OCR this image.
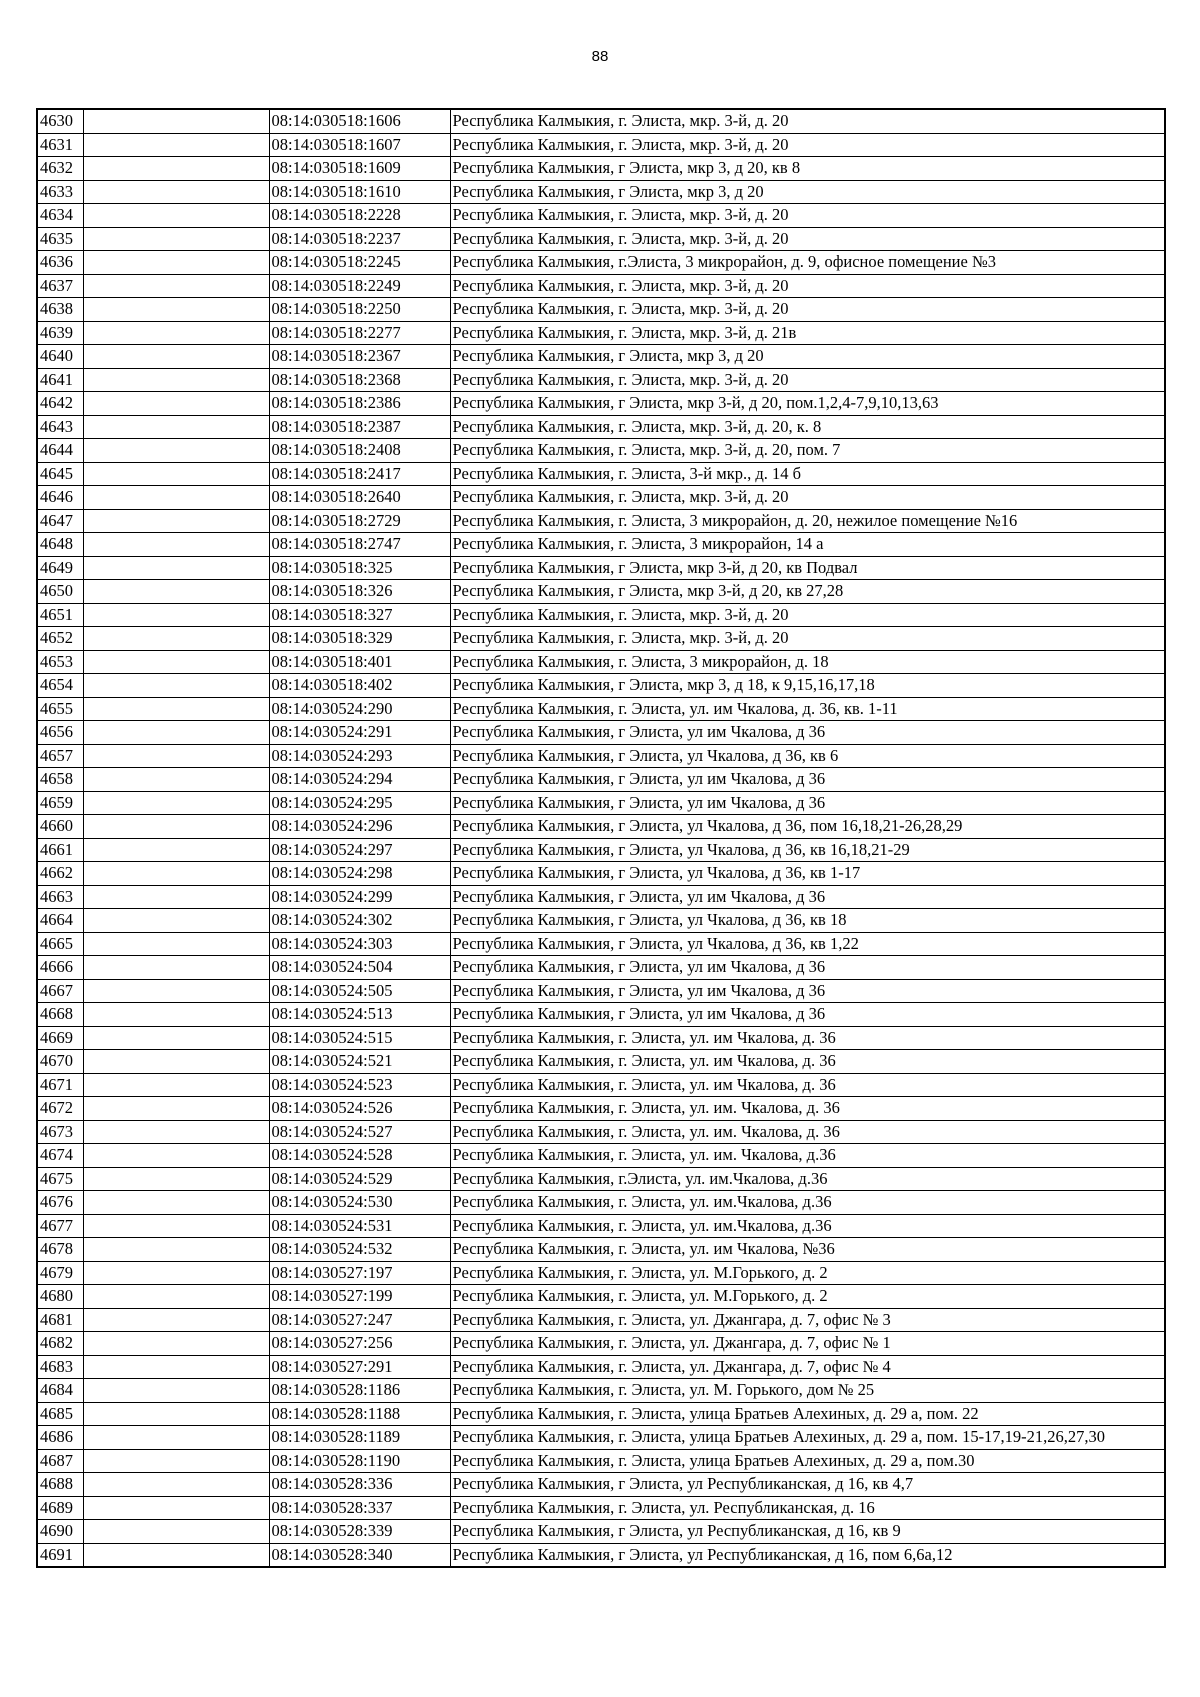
88
4630		08:14:030518:1606	Республика Калмыкия, г. Элиста, мкр. 3-й, д. 20
4631		08:14:030518:1607	Республика Калмыкия, г. Элиста, мкр. 3-й, д. 20
4632		08:14:030518:1609	Республика Калмыкия, г Элиста, мкр 3, д 20, кв 8
4633		08:14:030518:1610	Республика Калмыкия, г Элиста, мкр 3, д 20
4634		08:14:030518:2228	Республика Калмыкия, г. Элиста, мкр. 3-й, д. 20
4635		08:14:030518:2237	Республика Калмыкия, г. Элиста, мкр. 3-й, д. 20
4636		08:14:030518:2245	Республика Калмыкия, г.Элиста, 3 микрорайон, д. 9, офисное помещение №3
4637		08:14:030518:2249	Республика Калмыкия, г. Элиста, мкр. 3-й, д. 20
4638		08:14:030518:2250	Республика Калмыкия, г. Элиста, мкр. 3-й, д. 20
4639		08:14:030518:2277	Республика Калмыкия, г. Элиста, мкр. 3-й, д. 21в
4640		08:14:030518:2367	Республика Калмыкия, г Элиста, мкр 3, д 20
4641		08:14:030518:2368	Республика Калмыкия, г. Элиста, мкр. 3-й, д. 20
4642		08:14:030518:2386	Республика Калмыкия, г Элиста, мкр 3-й, д 20, пом.1,2,4-7,9,10,13,63
4643		08:14:030518:2387	Республика Калмыкия, г. Элиста, мкр. 3-й, д. 20, к. 8
4644		08:14:030518:2408	Республика Калмыкия, г. Элиста, мкр. 3-й, д. 20, пом. 7
4645		08:14:030518:2417	Республика Калмыкия, г. Элиста, 3-й мкр., д. 14 б
4646		08:14:030518:2640	Республика Калмыкия, г. Элиста, мкр. 3-й, д. 20
4647		08:14:030518:2729	Республика Калмыкия, г. Элиста, 3 микрорайон, д. 20, нежилое помещение №16
4648		08:14:030518:2747	Республика Калмыкия, г. Элиста, 3 микрорайон, 14 а
4649		08:14:030518:325	Республика Калмыкия, г Элиста, мкр 3-й, д 20, кв Подвал
4650		08:14:030518:326	Республика Калмыкия, г Элиста, мкр 3-й, д 20, кв 27,28
4651		08:14:030518:327	Республика Калмыкия, г. Элиста, мкр. 3-й, д. 20
4652		08:14:030518:329	Республика Калмыкия, г. Элиста, мкр. 3-й, д. 20
4653		08:14:030518:401	Республика Калмыкия, г. Элиста, 3 микрорайон, д. 18
4654		08:14:030518:402	Республика Калмыкия, г Элиста, мкр 3, д 18, к 9,15,16,17,18
4655		08:14:030524:290	Республика Калмыкия, г. Элиста, ул. им Чкалова, д. 36, кв. 1-11
4656		08:14:030524:291	Республика Калмыкия, г Элиста, ул им Чкалова, д 36
4657		08:14:030524:293	Республика Калмыкия, г Элиста, ул Чкалова, д 36, кв 6
4658		08:14:030524:294	Республика Калмыкия, г Элиста, ул им Чкалова, д 36
4659		08:14:030524:295	Республика Калмыкия, г Элиста, ул им Чкалова, д 36
4660		08:14:030524:296	Республика Калмыкия, г Элиста, ул Чкалова, д 36, пом 16,18,21-26,28,29
4661		08:14:030524:297	Республика Калмыкия, г Элиста, ул Чкалова, д 36, кв 16,18,21-29
4662		08:14:030524:298	Республика Калмыкия, г Элиста, ул Чкалова, д 36, кв 1-17
4663		08:14:030524:299	Республика Калмыкия, г Элиста, ул им Чкалова, д 36
4664		08:14:030524:302	Республика Калмыкия, г Элиста, ул Чкалова, д 36, кв 18
4665		08:14:030524:303	Республика Калмыкия, г Элиста, ул Чкалова, д 36, кв 1,22
4666		08:14:030524:504	Республика Калмыкия, г Элиста, ул им Чкалова, д 36
4667		08:14:030524:505	Республика Калмыкия, г Элиста, ул им Чкалова, д 36
4668		08:14:030524:513	Республика Калмыкия, г Элиста, ул им Чкалова, д 36
4669		08:14:030524:515	Республика Калмыкия, г. Элиста, ул. им Чкалова, д. 36
4670		08:14:030524:521	Республика Калмыкия, г. Элиста, ул. им Чкалова, д. 36
4671		08:14:030524:523	Республика Калмыкия, г. Элиста, ул. им Чкалова, д. 36
4672		08:14:030524:526	Республика Калмыкия, г. Элиста, ул. им. Чкалова, д. 36
4673		08:14:030524:527	Республика Калмыкия, г. Элиста, ул. им. Чкалова, д. 36
4674		08:14:030524:528	Республика Калмыкия, г. Элиста, ул. им. Чкалова, д.36
4675		08:14:030524:529	Республика Калмыкия, г.Элиста, ул. им.Чкалова, д.36
4676		08:14:030524:530	Республика Калмыкия, г. Элиста, ул. им.Чкалова, д.36
4677		08:14:030524:531	Республика Калмыкия, г. Элиста, ул. им.Чкалова, д.36
4678		08:14:030524:532	Республика Калмыкия, г. Элиста, ул. им Чкалова, №36
4679		08:14:030527:197	Республика Калмыкия, г. Элиста, ул. М.Горького, д. 2
4680		08:14:030527:199	Республика Калмыкия, г. Элиста, ул. М.Горького, д. 2
4681		08:14:030527:247	Республика Калмыкия, г. Элиста, ул. Джангара, д. 7, офис № 3
4682		08:14:030527:256	Республика Калмыкия, г. Элиста, ул. Джангара, д. 7, офис № 1
4683		08:14:030527:291	Республика Калмыкия, г. Элиста, ул. Джангара, д. 7, офис № 4
4684		08:14:030528:1186	Республика Калмыкия, г. Элиста, ул. М. Горького, дом № 25
4685		08:14:030528:1188	Республика Калмыкия, г. Элиста, улица Братьев Алехиных, д. 29 а, пом. 22
4686		08:14:030528:1189	Республика Калмыкия, г. Элиста, улица Братьев Алехиных, д. 29 а, пом. 15-17,19-21,26,27,30
4687		08:14:030528:1190	Республика Калмыкия, г. Элиста, улица Братьев Алехиных, д. 29 а, пом.30
4688		08:14:030528:336	Республика Калмыкия, г Элиста, ул Республиканская, д 16, кв 4,7
4689		08:14:030528:337	Республика Калмыкия, г. Элиста, ул. Республиканская, д. 16
4690		08:14:030528:339	Республика Калмыкия, г Элиста, ул Республиканская, д 16, кв 9
4691		08:14:030528:340	Республика Калмыкия, г Элиста, ул Республиканская, д 16, пом 6,6а,12
